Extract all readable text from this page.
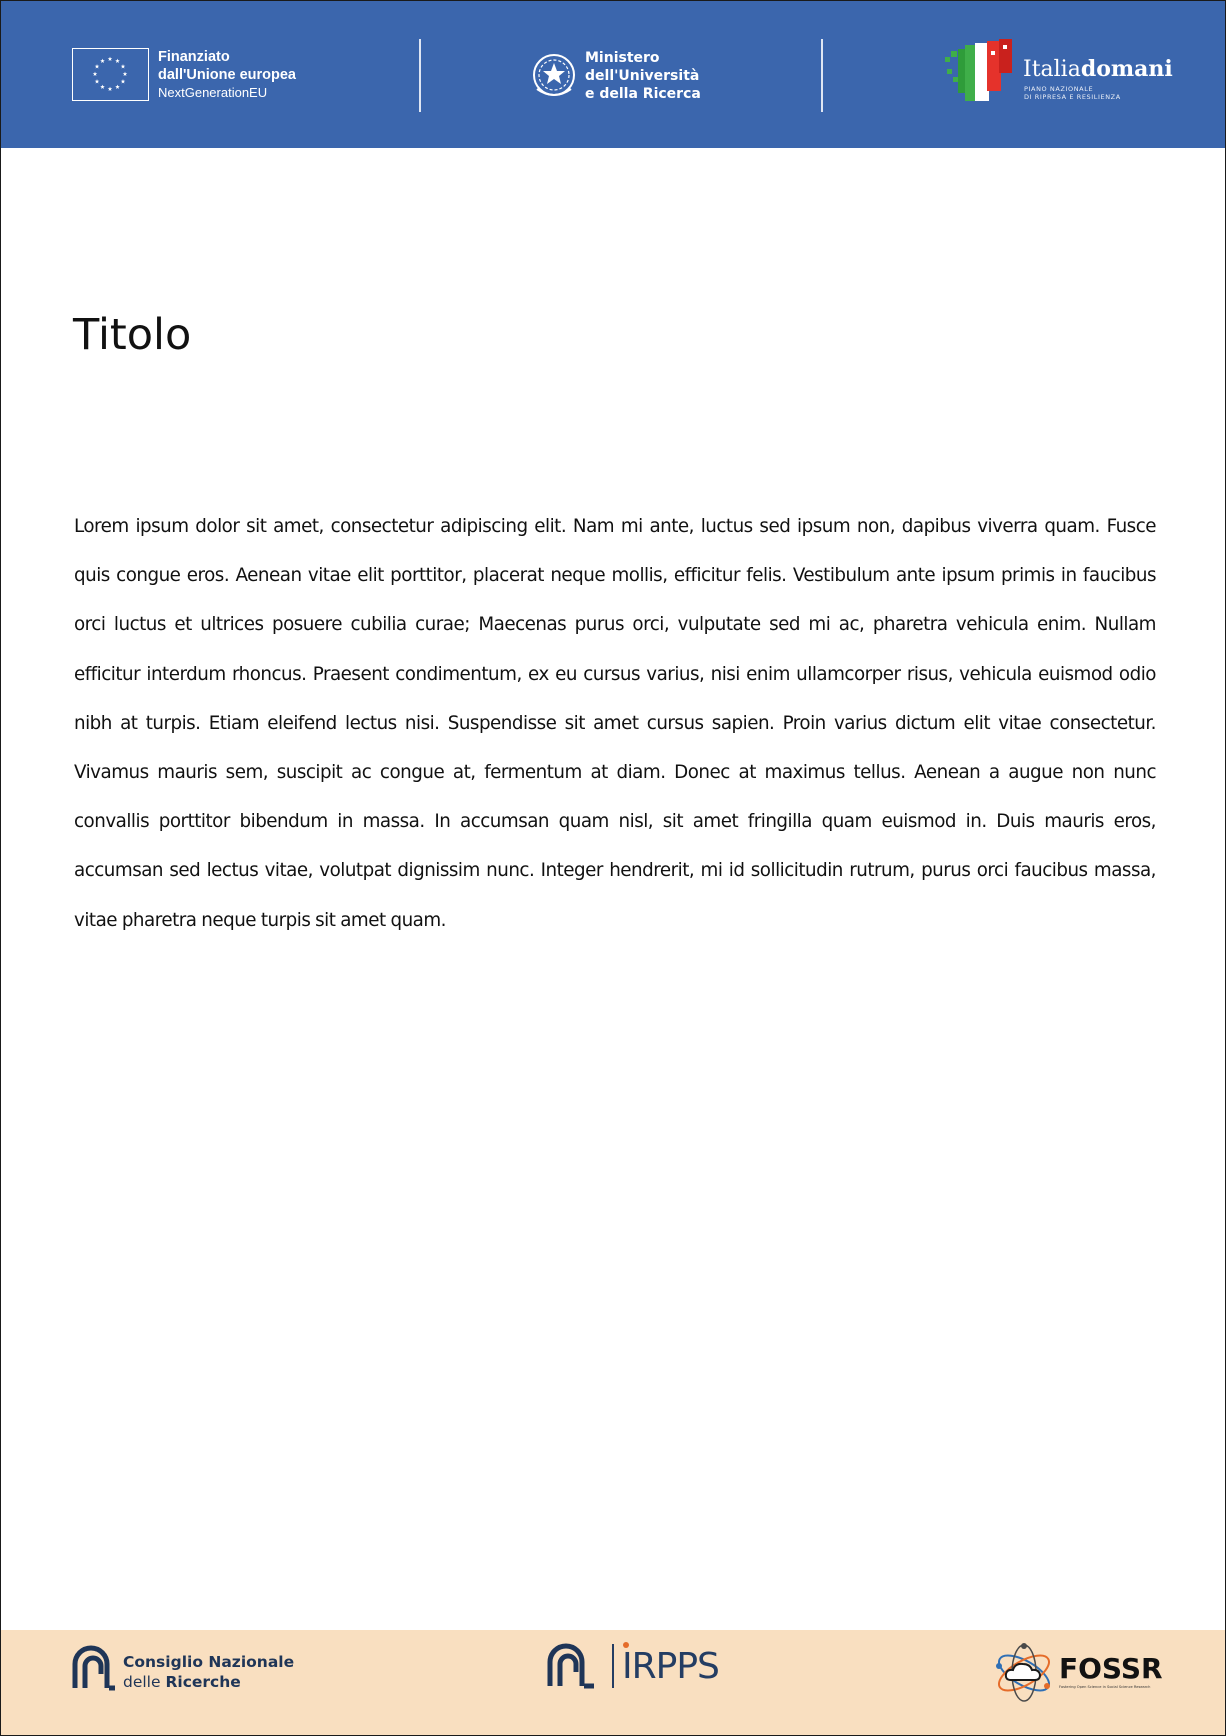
Finanziato
dall'Unione europea
NextGenerationEU
Ministero
dell'Università
e della Ricerca
Italiadomani
PIANO NAZIONALE
DI RIPRESA E RESILIENZA
Titolo

Lorem ipsum dolor sit amet, consectetur adipiscing elit. Nam mi ante, luctus sed ipsum non, dapibus viverra quam. Fusce quis congue eros. Aenean vitae elit porttitor, placerat neque mollis, efficitur felis. Vestibulum ante ipsum primis in faucibus orci luctus et ultrices posuere cubilia curae; Maecenas purus orci, vulputate sed mi ac, pharetra vehicula enim. Nullam efficitur interdum rhoncus. Praesent condimentum, ex eu cursus varius, nisi enim ullamcorper risus, vehicula euismod odio nibh at turpis. Etiam eleifend lectus nisi. Suspendisse sit amet cursus sapien. Proin varius dictum elit vitae consectetur. Vivamus mauris sem, suscipit ac congue at, fermentum at diam. Donec at maximus tellus. Aenean a augue non nunc convallis porttitor bibendum in massa. In accumsan quam nisl, sit amet fringilla quam euismod in. Duis mauris eros, accumsan sed lectus vitae, volutpat dignissim nunc. Integer hendrerit, mi id sollicitudin rutrum, purus orci faucibus massa, vitae pharetra neque turpis sit amet quam.

Consiglio Nazionale
delle Ricerche	IRPPS	FOSSR
Fostering Open Science in Social Science Research
